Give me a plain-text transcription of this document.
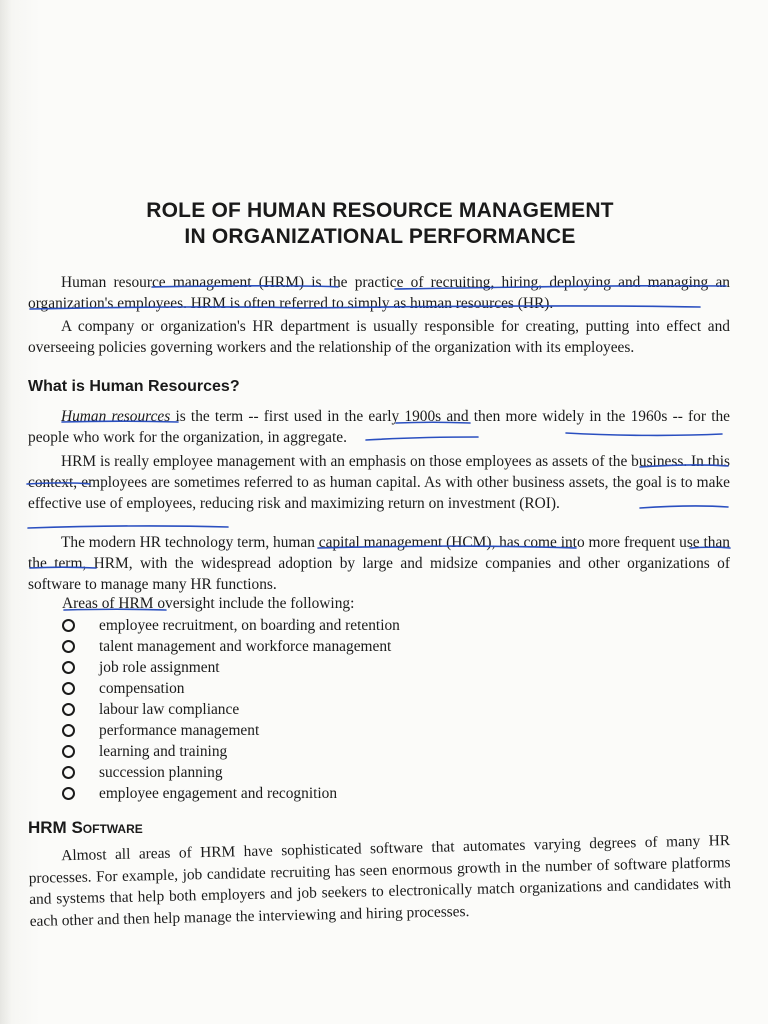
ROLE OF HUMAN RESOURCE MANAGEMENT
IN ORGANIZATIONAL PERFORMANCE
Human resource management (HRM) is the practice of recruiting, hiring, deploying and managing an organization's employees. HRM is often referred to simply as human resources (HR).
A company or organization's HR department is usually responsible for creating, putting into effect and overseeing policies governing workers and the relationship of the organization with its employees.
What is Human Resources?
Human resources is the term -- first used in the early 1900s and then more widely in the 1960s -- for the people who work for the organization, in aggregate.
HRM is really employee management with an emphasis on those employees as assets of the business. In this context, employees are sometimes referred to as human capital. As with other business assets, the goal is to make effective use of employees, reducing risk and maximizing return on investment (ROI).
The modern HR technology term, human capital management (HCM), has come into more frequent use than the term, HRM, with the widespread adoption by large and midsize companies and other organizations of software to manage many HR functions.
Areas of HRM oversight include the following:
employee recruitment, on boarding and retention
talent management and workforce management
job role assignment
compensation
labour law compliance
performance management
learning and training
succession planning
employee engagement and recognition
HRM Software
Almost all areas of HRM have sophisticated software that automates varying degrees of many HR processes. For example, job candidate recruiting has seen enormous growth in the number of software platforms and systems that help both employers and job seekers to electronically match organizations and candidates with each other and then help manage the interviewing and hiring processes.
